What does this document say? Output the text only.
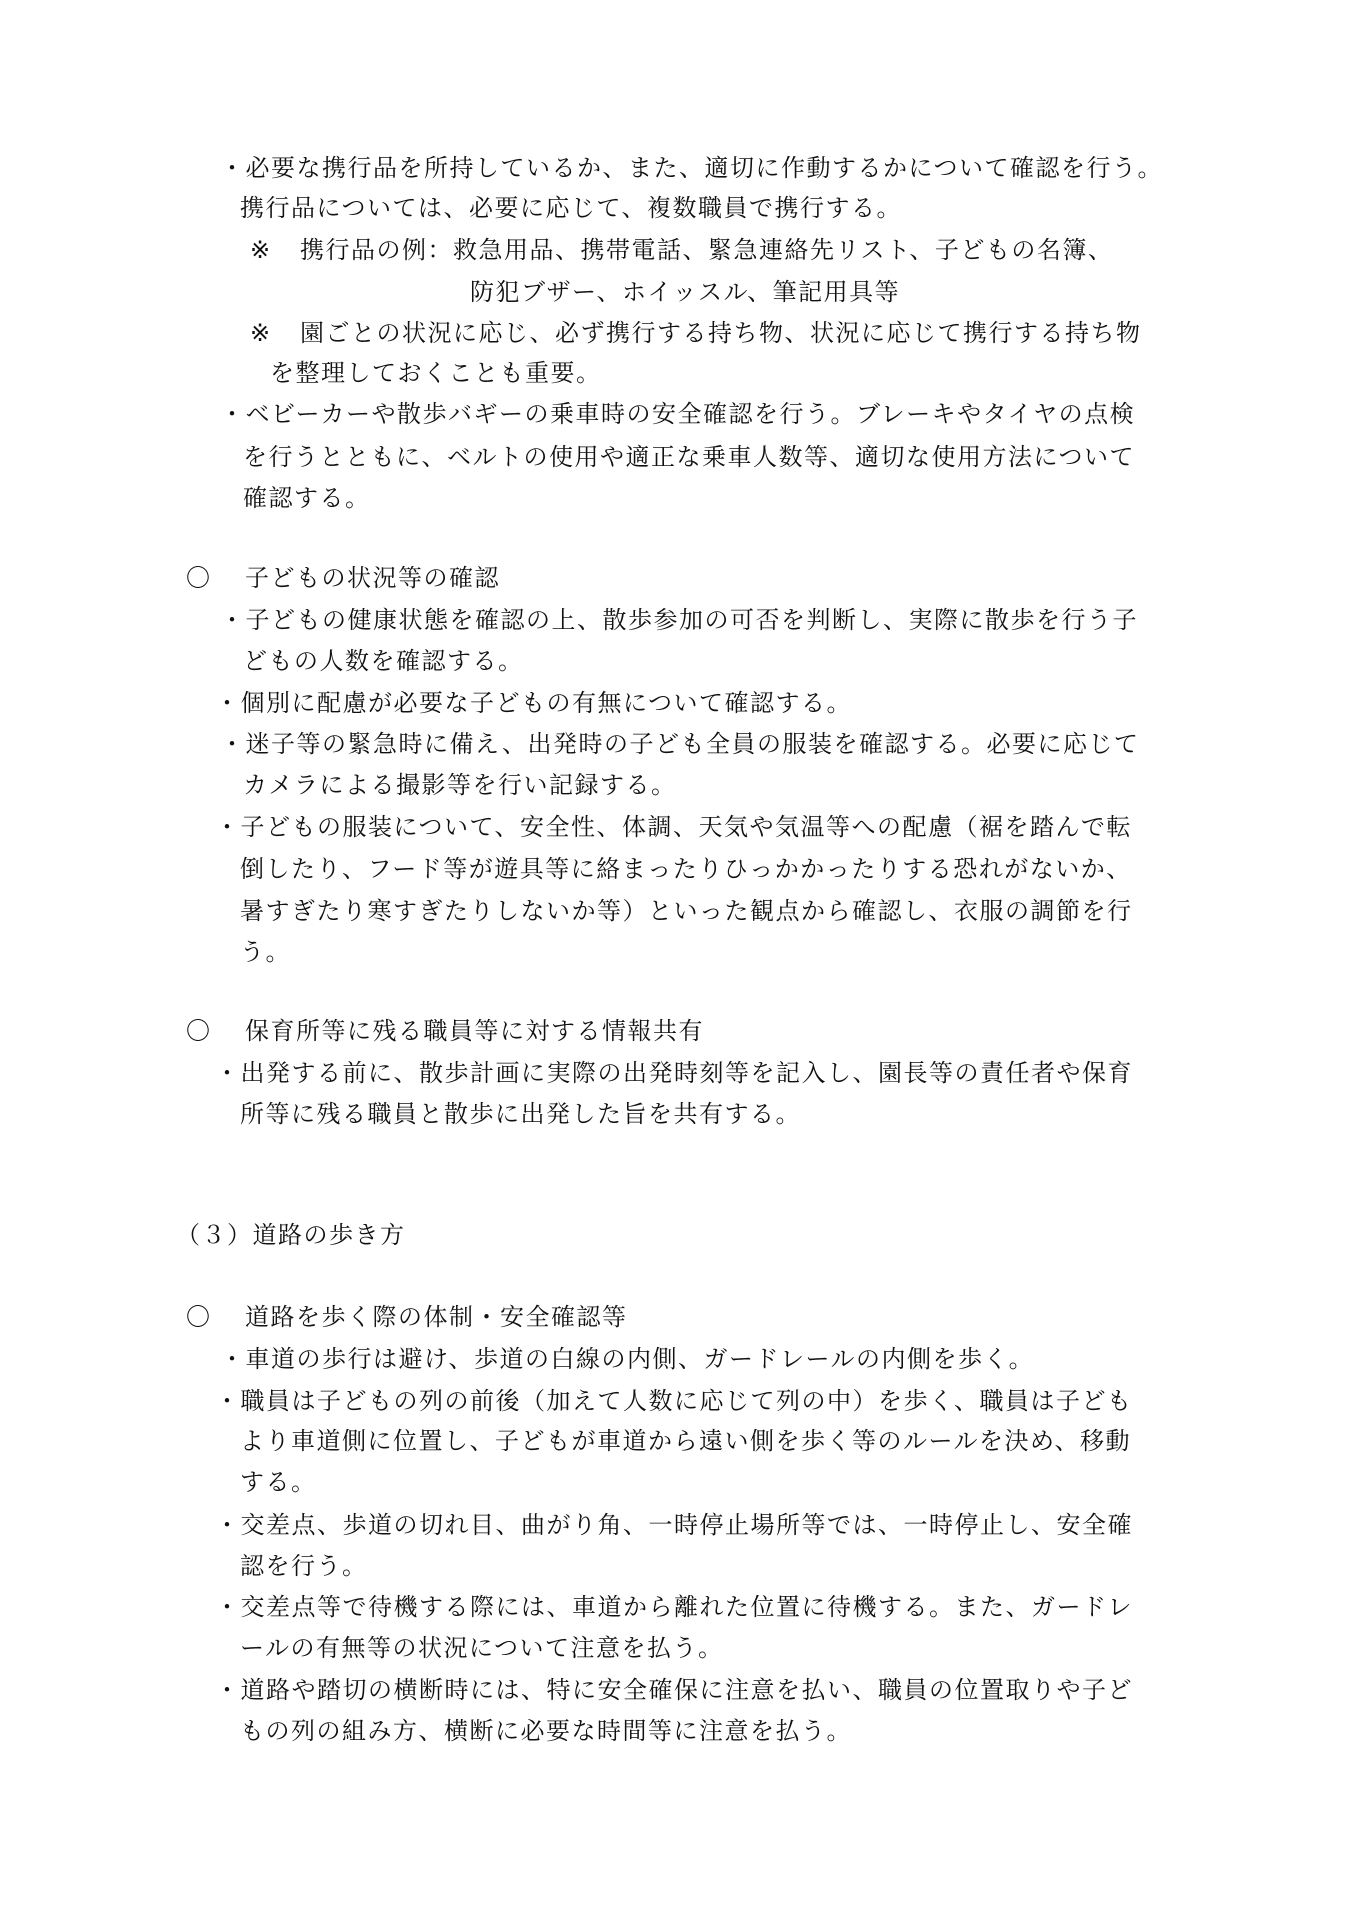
・必要な携行品を所持しているか、また、適切に作動するかについて確認を行う。
携行品については、必要に応じて、複数職員で携行する。
※ 携行品の例：救急用品、携帯電話、緊急連絡先リスト、子どもの名簿、
防犯ブザー、ホイッスル、筆記用具等
※ 園ごとの状況に応じ、必ず携行する持ち物、状況に応じて携行する持ち物
を整理しておくことも重要。
・ベビーカーや散歩バギーの乗車時の安全確認を行う。ブレーキやタイヤの点検
を行うとともに、ベルトの使用や適正な乗車人数等、適切な使用方法について
確認する。
〇 子どもの状況等の確認
・子どもの健康状態を確認の上、散歩参加の可否を判断し、実際に散歩を行う子
どもの人数を確認する。
・個別に配慮が必要な子どもの有無について確認する。
・迷子等の緊急時に備え、出発時の子ども全員の服装を確認する。必要に応じて
カメラによる撮影等を行い記録する。
・子どもの服装について、安全性、体調、天気や気温等への配慮（裾を踏んで転
倒したり、フード等が遊具等に絡まったりひっかかったりする恐れがないか、
暑すぎたり寒すぎたりしないか等）といった観点から確認し、衣服の調節を行
う。
〇 保育所等に残る職員等に対する情報共有
・出発する前に、散歩計画に実際の出発時刻等を記入し、園長等の責任者や保育
所等に残る職員と散歩に出発した旨を共有する。
（３）道路の歩き方
〇 道路を歩く際の体制・安全確認等
・車道の歩行は避け、歩道の白線の内側、ガードレールの内側を歩く。
・職員は子どもの列の前後（加えて人数に応じて列の中）を歩く、職員は子ども
より車道側に位置し、子どもが車道から遠い側を歩く等のルールを決め、移動
する。
・交差点、歩道の切れ目、曲がり角、一時停止場所等では、一時停止し、安全確
認を行う。
・交差点等で待機する際には、車道から離れた位置に待機する。また、ガードレ
ールの有無等の状況について注意を払う。
・道路や踏切の横断時には、特に安全確保に注意を払い、職員の位置取りや子ど
もの列の組み方、横断に必要な時間等に注意を払う。
